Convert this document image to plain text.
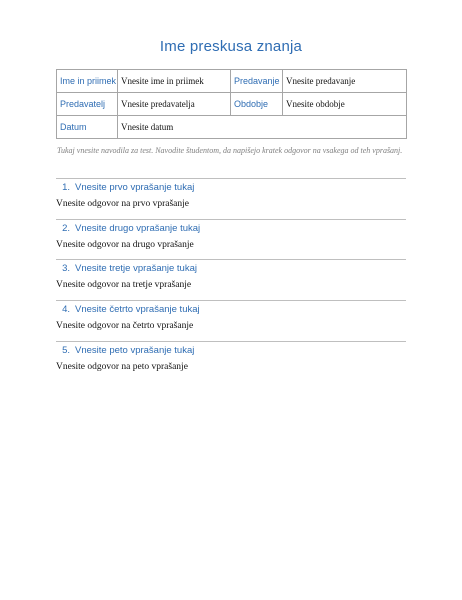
Ime preskusa znanja
Ime in priimek	Vnesite ime in priimek	Predavanje	Vnesite predavanje
Predavatelj	Vnesite predavatelja	Obdobje	Vnesite obdobje
Datum	Vnesite datum		
Tukaj vnesite navodila za test. Navodite študentom, da napišejo kratek odgovor na vsakega od teh vprašanj.
1. Vnesite prvo vprašanje tukaj
Vnesite odgovor na prvo vprašanje
2. Vnesite drugo vprašanje tukaj
Vnesite odgovor na drugo vprašanje
3. Vnesite tretje vprašanje tukaj
Vnesite odgovor na tretje vprašanje
4. Vnesite četrto vprašanje tukaj
Vnesite odgovor na četrto vprašanje
5. Vnesite peto vprašanje tukaj
Vnesite odgovor na peto vprašanje
